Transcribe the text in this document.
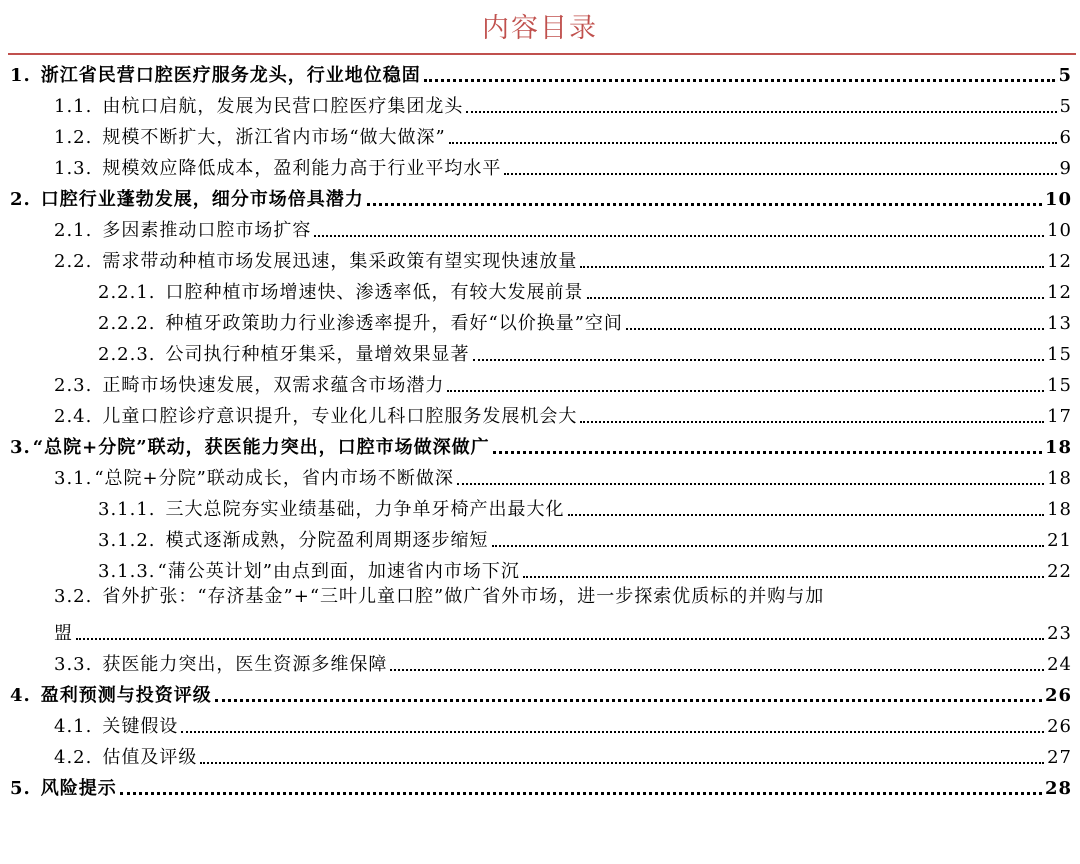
内容目录
1. 浙江省民营口腔医疗服务龙头，行业地位稳固	5
1.1. 由杭口启航，发展为民营口腔医疗集团龙头	5
1.2. 规模不断扩大，浙江省内市场“做大做深”	6
1.3. 规模效应降低成本，盈利能力高于行业平均水平	9
2. 口腔行业蓬勃发展，细分市场倍具潜力	10
2.1. 多因素推动口腔市场扩容	10
2.2. 需求带动种植市场发展迅速，集采政策有望实现快速放量	12
2.2.1. 口腔种植市场增速快、渗透率低，有较大发展前景	12
2.2.2. 种植牙政策助力行业渗透率提升，看好“以价换量”空间	13
2.2.3. 公司执行种植牙集采，量增效果显著	15
2.3. 正畸市场快速发展，双需求蕴含市场潜力	15
2.4. 儿童口腔诊疗意识提升，专业化儿科口腔服务发展机会大	17
3. “总院+分院”联动，获医能力突出，口腔市场做深做广	18
3.1. “总院+分院”联动成长，省内市场不断做深	18
3.1.1. 三大总院夯实业绩基础，力争单牙椅产出最大化	18
3.1.2. 模式逐渐成熟，分院盈利周期逐步缩短	21
3.1.3. “蒲公英计划”由点到面，加速省内市场下沉	22
3.2. 省外扩张：“存济基金”+“三叶儿童口腔”做广省外市场，进一步探索优质标的并购与加
盟	23
3.3. 获医能力突出，医生资源多维保障	24
4. 盈利预测与投资评级	26
4.1. 关键假设	26
4.2. 估值及评级	27
5. 风险提示	28
